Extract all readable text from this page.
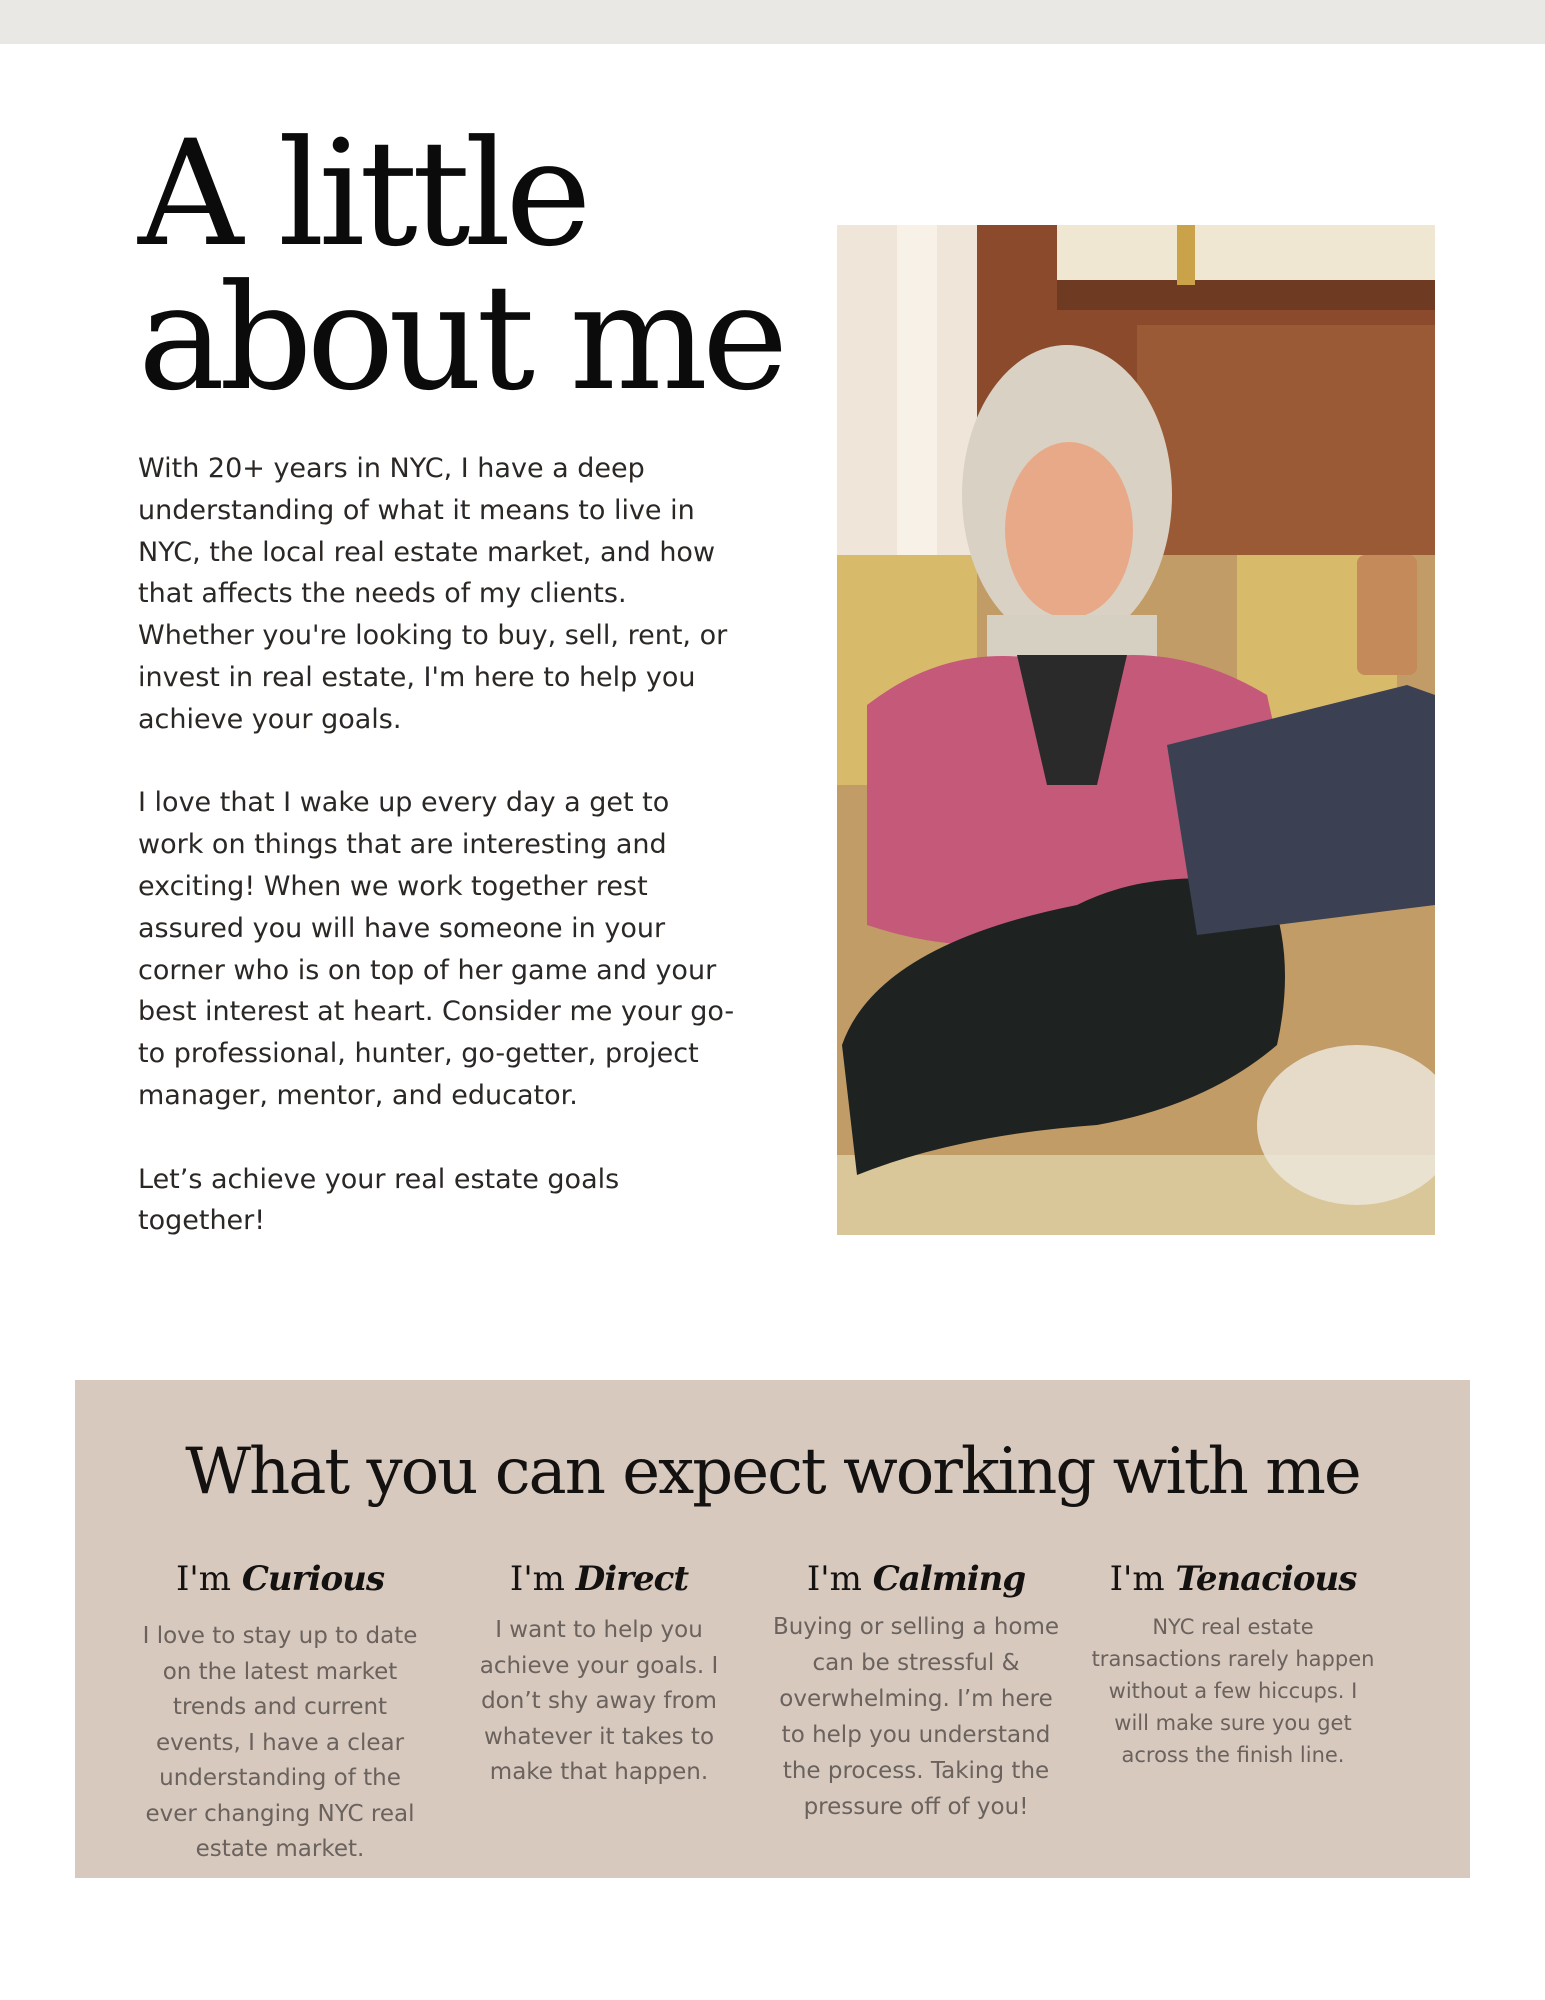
A little
about me

With 20+ years in NYC, I have a deep understanding of what it means to live in NYC, the local real estate market, and how that affects the needs of my clients. Whether you're looking to buy, sell, rent, or invest in real estate, I'm here to help you achieve your goals.

I love that I wake up every day a get to work on things that are interesting and exciting! When we work together rest assured you will have someone in your corner who is on top of her game and your best interest at heart. Consider me your go-to professional, hunter, go-getter, project manager, mentor, and educator.

Let’s achieve your real estate goals together!

What you can expect working with me
I'm Curious

I love to stay up to date on the latest market trends and current events, I have a clear understanding of the ever changing NYC real estate market.

I'm Direct

I want to help you achieve your goals. I don’t shy away from whatever it takes to make that happen.

I'm Calming

Buying or selling a home can be stressful & overwhelming. I’m here to help you understand the process. Taking the pressure off of you!

I'm Tenacious

NYC real estate transactions rarely happen without a few hiccups. I will make sure you get across the finish line.
